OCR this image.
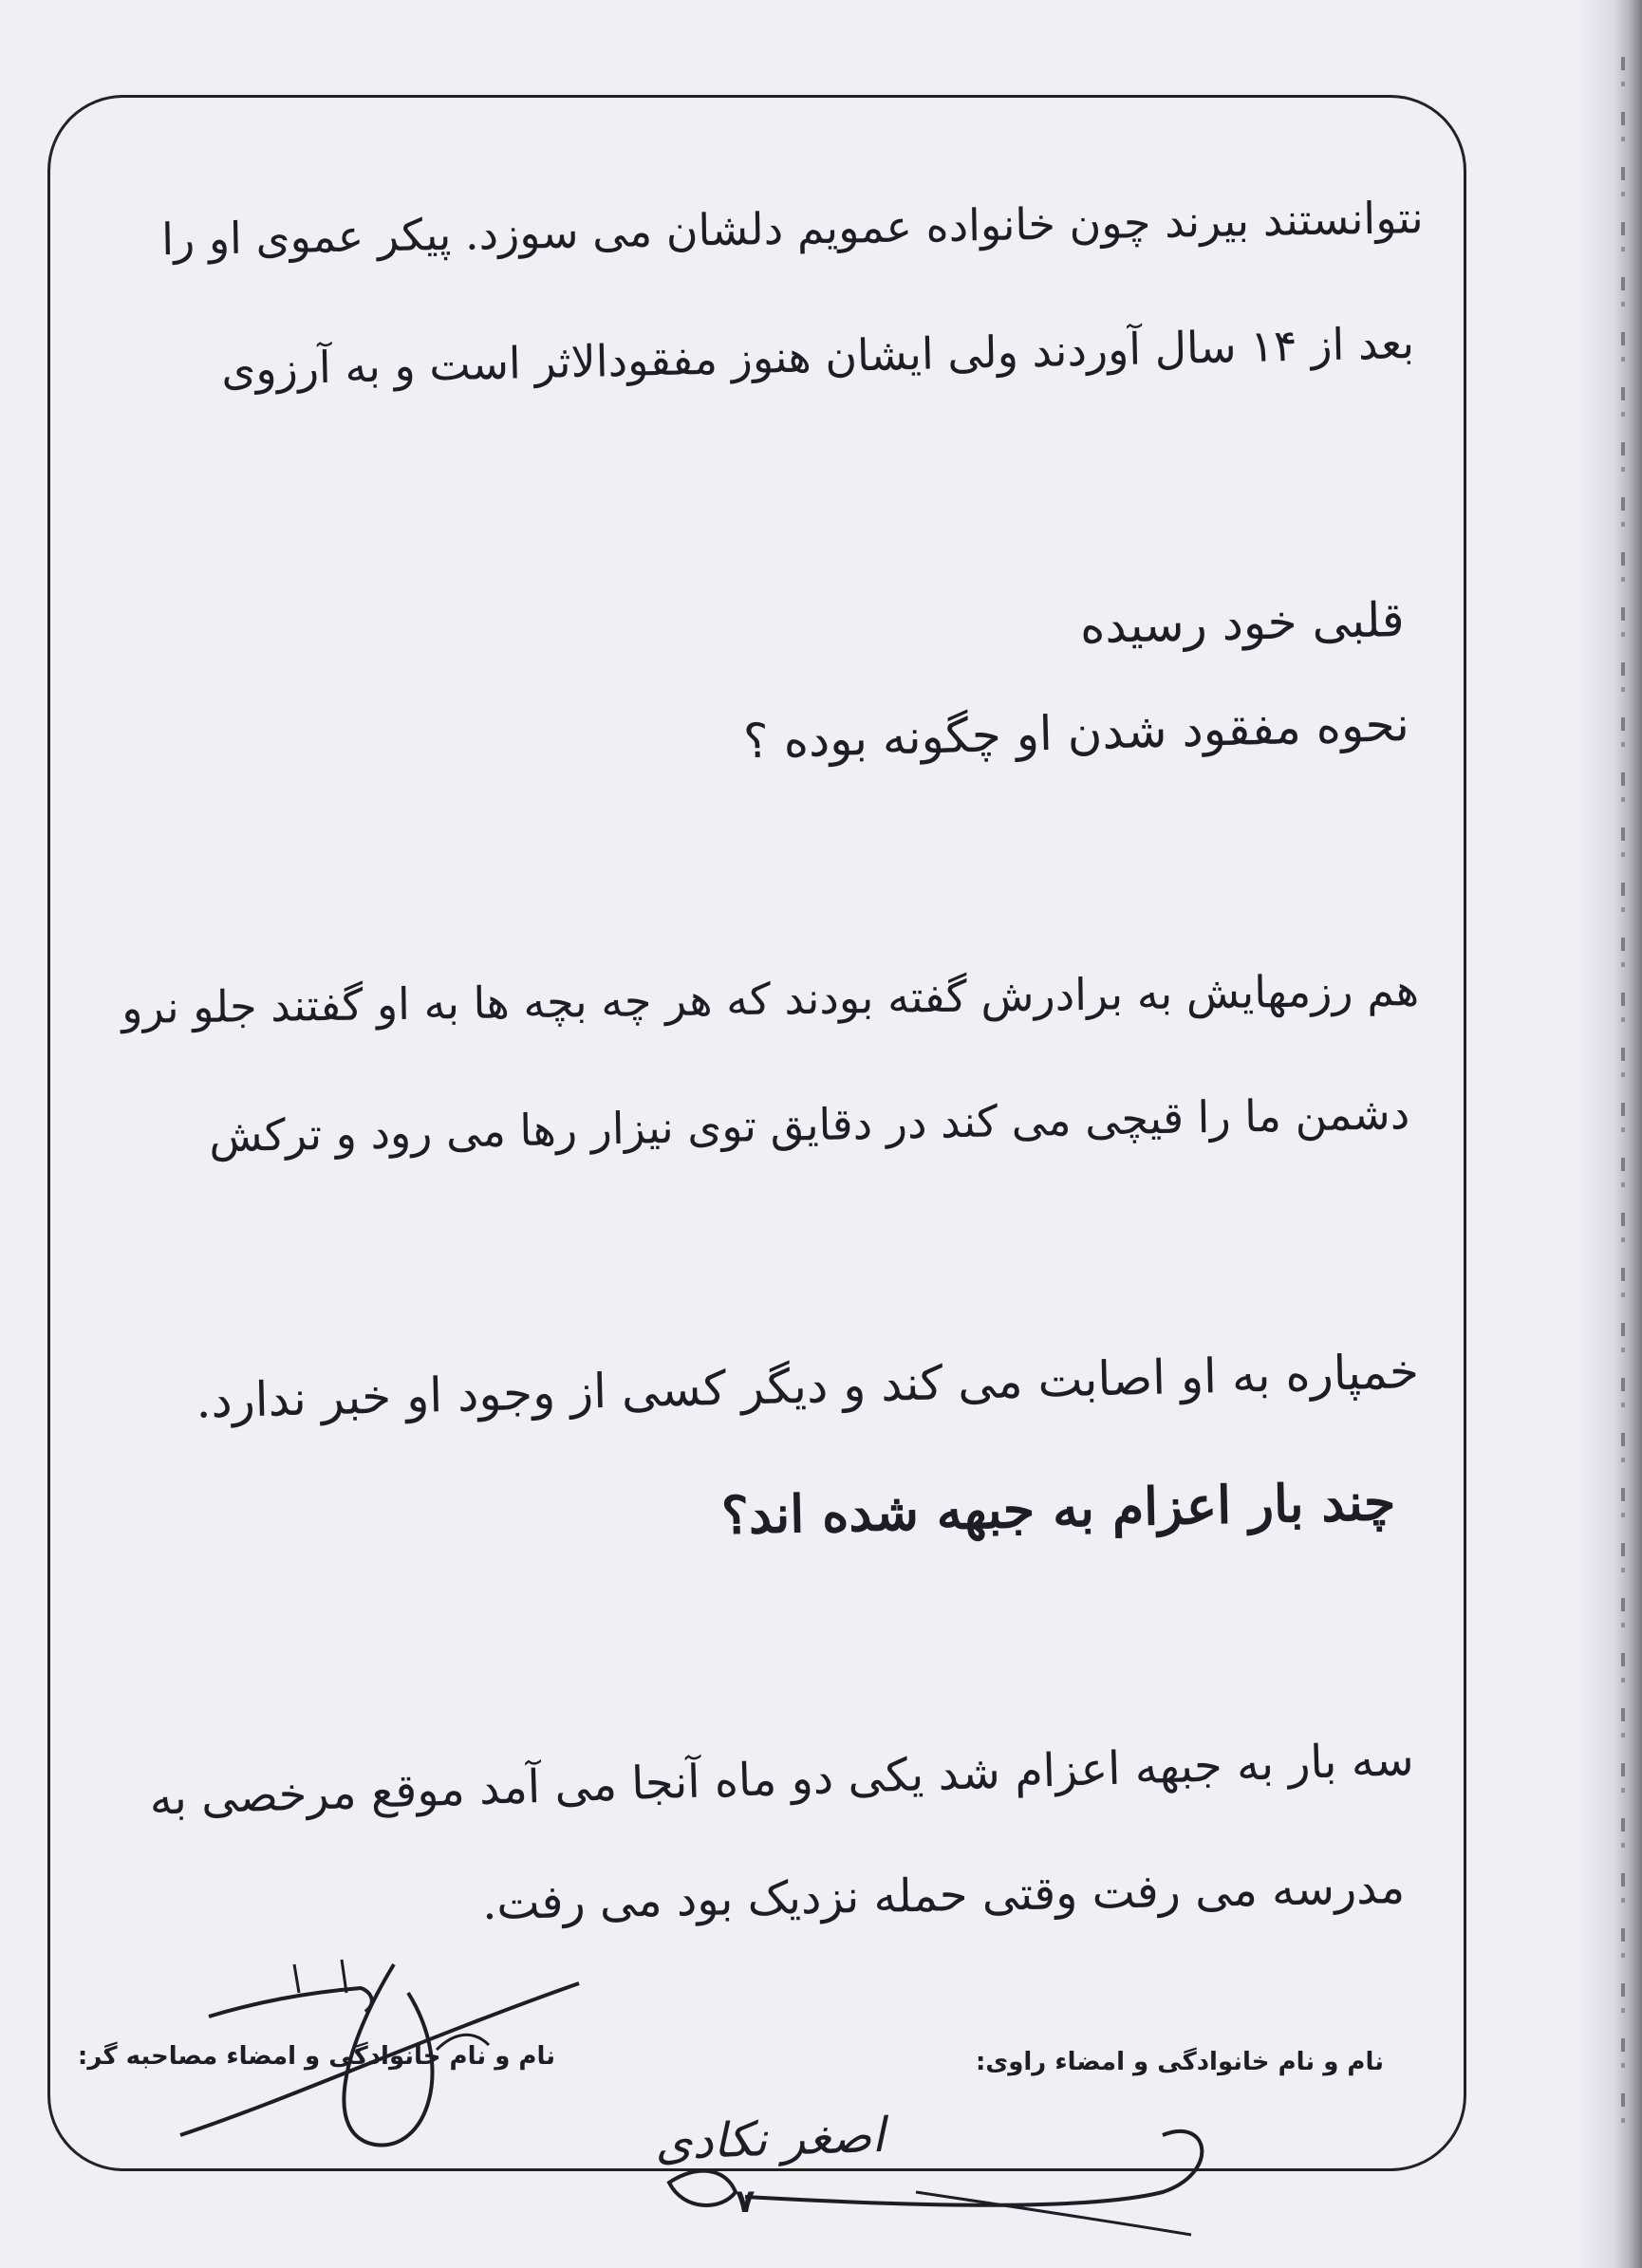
نتوانستند بیرند چون خانواده عمویم دلشان می سوزد. پیکر عموی او را
بعد از ۱۴ سال آوردند ولی ایشان هنوز مفقودالاثر است و به آرزوی
قلبی خود رسیده
نحوه مفقود شدن او چگونه بوده ؟
هم رزمهایش به برادرش گفته بودند که هر چه بچه ها به او گفتند جلو نرو
دشمن ما را قیچی می کند در دقایق توی نیزار رها می رود و ترکش
خمپاره به او اصابت می کند و دیگر کسی از وجود او خبر ندارد.
چند بار اعزام به جبهه شده اند؟
سه بار به جبهه اعزام شد یکی دو ماه آنجا می آمد موقع مرخصی به
مدرسه می رفت وقتی حمله نزدیک بود می رفت.
نام و نام خانوادگی و امضاء راوی:
نام و نام خانوادگی و امضاء مصاحبه گر:
اصغر نکادی
۷
